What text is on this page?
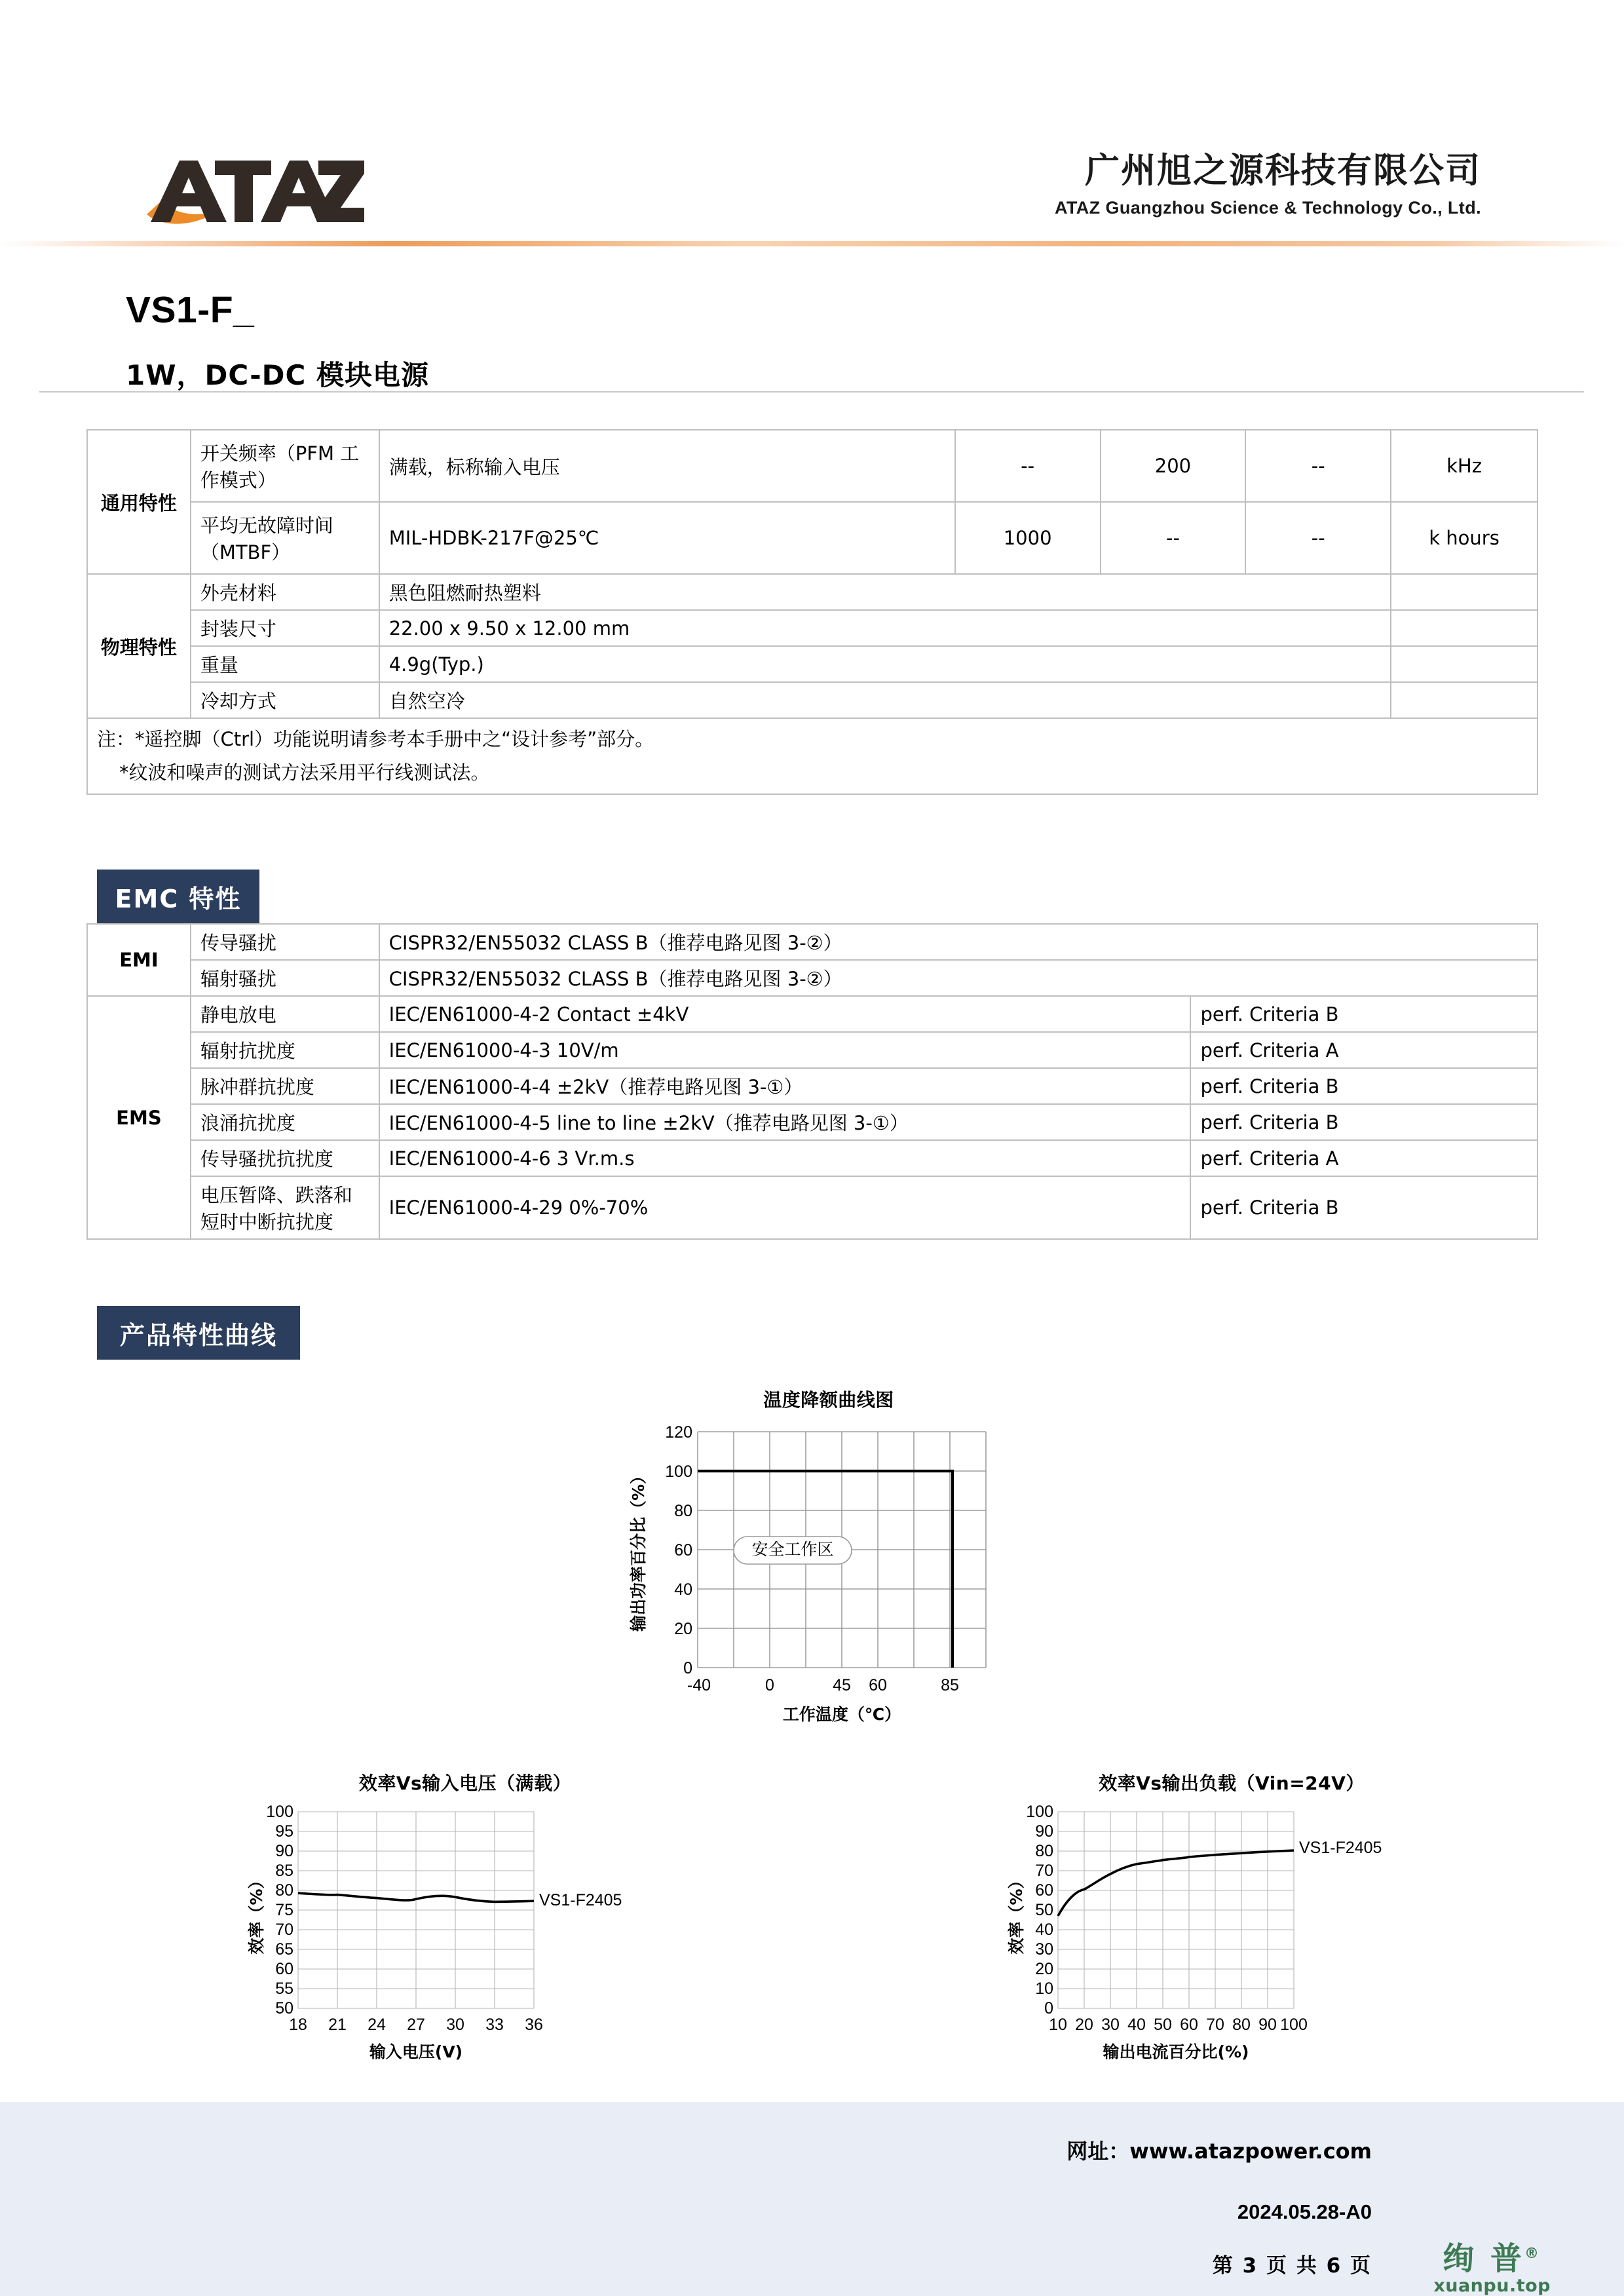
广州旭之源科技有限公司
ATAZ Guangzhou Science & Technology Co., Ltd.
VS1-F_
1W，DC-DC 模块电源
通用特性	开关频率（PFM 工作模式）	满载，标称输入电压	--	200	--	kHz
	平均无故障时间（MTBF）	MIL-HDBK-217F@25℃	1000	--	--	k hours
物理特性	外壳材料	黑色阻燃耐热塑料				
	封装尺寸	22.00 x 9.50 x 12.00 mm				
	重量	4.9g(Typ.)				
	冷却方式	自然空冷				

注：*遥控脚（Ctrl）功能说明请参考本手册中之“设计参考”部分。
*纹波和噪声的测试方法采用平行线测试法。						
EMC 特性
EMI	传导骚扰	CISPR32/EN55032 CLASS B（推荐电路见图 3-②）	
	辐射骚扰	CISPR32/EN55032 CLASS B（推荐电路见图 3-②）	
EMS	静电放电	IEC/EN61000-4-2 Contact ±4kV	perf. Criteria B
	辐射抗扰度	IEC/EN61000-4-3 10V/m	perf. Criteria A
	脉冲群抗扰度	IEC/EN61000-4-4 ±2kV（推荐电路见图 3-①）	perf. Criteria B
	浪涌抗扰度	IEC/EN61000-4-5 line to line ±2kV（推荐电路见图 3-①）	perf. Criteria B
	传导骚扰抗扰度	IEC/EN61000-4-6 3 Vr.m.s	perf. Criteria A
	电压暂降、跌落和短时中断抗扰度	IEC/EN61000-4-29 0%-70%	perf. Criteria B
产品特性曲线
温度降额曲线图
120
100
80
60
40
20
0
-40	0	45 60	85
安全工作区
工作温度（℃）
输出功率百分比（%）
效率Vs输入电压（满载）
100
95
90
85
80
75
70
65
60
55
50
18 21 24 27 30 33 36
VS1-F2405
输入电压(V)
效率（%）
效率Vs输出负载（Vin=24V）
100
90
80
70
60
50
40
30
20
10
0
10 20 30 40 50 60 70 80 90 100
VS1-F2405
输出电流百分比(%)
效率（%）
网址：www.atazpower.com
2024.05.28-A0
第 3 页 共 6 页 绚 普®
xuanpu.top
